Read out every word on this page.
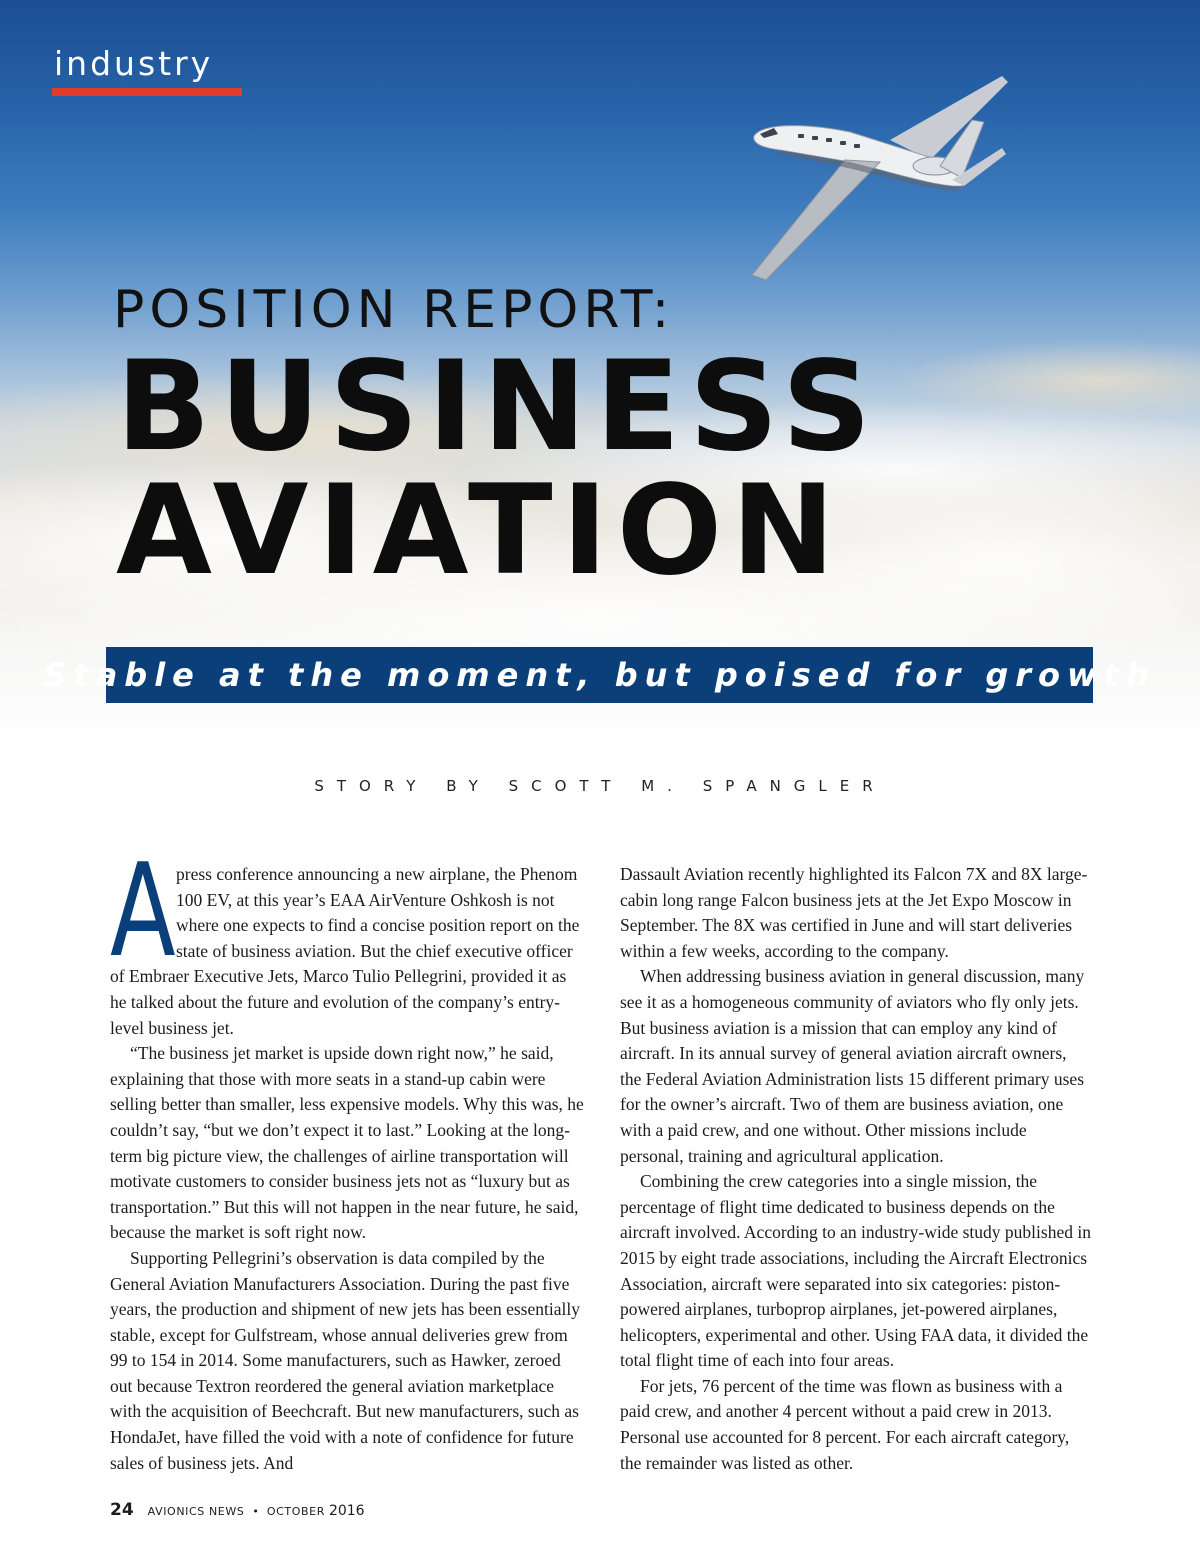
industry
POSITION REPORT:
BUSINESS
AVIATION
Stable at the moment, but poised for growth
STORY BY SCOTT M. SPANGLER

A press conference announcing a new airplane, the Phenom 100 EV, at this year’s EAA AirVenture Oshkosh is not where one expects to find a concise position report on the state of business aviation. But the chief executive officer of Embraer Executive Jets, Marco Tulio Pellegrini, provided it as he talked about the future and evolution of the company’s entry-level business jet.

“The business jet market is upside down right now,” he said, explaining that those with more seats in a stand-up cabin were selling better than smaller, less expensive models. Why this was, he couldn’t say, “but we don’t expect it to last.” Looking at the long-term big picture view, the challenges of airline transportation will motivate customers to consider business jets not as “luxury but as transportation.” But this will not happen in the near future, he said, because the market is soft right now.

Supporting Pellegrini’s observation is data compiled by the General Aviation Manufacturers Association. During the past five years, the production and shipment of new jets has been essentially stable, except for Gulfstream, whose annual deliveries grew from 99 to 154 in 2014. Some manufacturers, such as Hawker, zeroed out because Textron reordered the general aviation marketplace with the acquisition of Beechcraft. But new manufacturers, such as HondaJet, have filled the void with a note of confidence for future sales of business jets. And

Dassault Aviation recently highlighted its Falcon 7X and 8X large-cabin long range Falcon business jets at the Jet Expo Moscow in September. The 8X was certified in June and will start deliveries within a few weeks, according to the company.

When addressing business aviation in general discussion, many see it as a homogeneous community of aviators who fly only jets. But business aviation is a mission that can employ any kind of aircraft. In its annual survey of general aviation aircraft owners, the Federal Aviation Administration lists 15 different primary uses for the owner’s aircraft. Two of them are business aviation, one with a paid crew, and one without. Other missions include personal, training and agricultural application.

Combining the crew categories into a single mission, the percentage of flight time dedicated to business depends on the aircraft involved. According to an industry-wide study published in 2015 by eight trade associations, including the Aircraft Electronics Association, aircraft were separated into six categories: piston-powered airplanes, turboprop airplanes, jet-powered airplanes, helicopters, experimental and other. Using FAA data, it divided the total flight time of each into four areas.

For jets, 76 percent of the time was flown as business with a paid crew, and another 4 percent without a paid crew in 2013. Personal use accounted for 8 percent. For each aircraft category, the remainder was listed as other.

24 AVIONICS NEWS • OCTOBER 2016
